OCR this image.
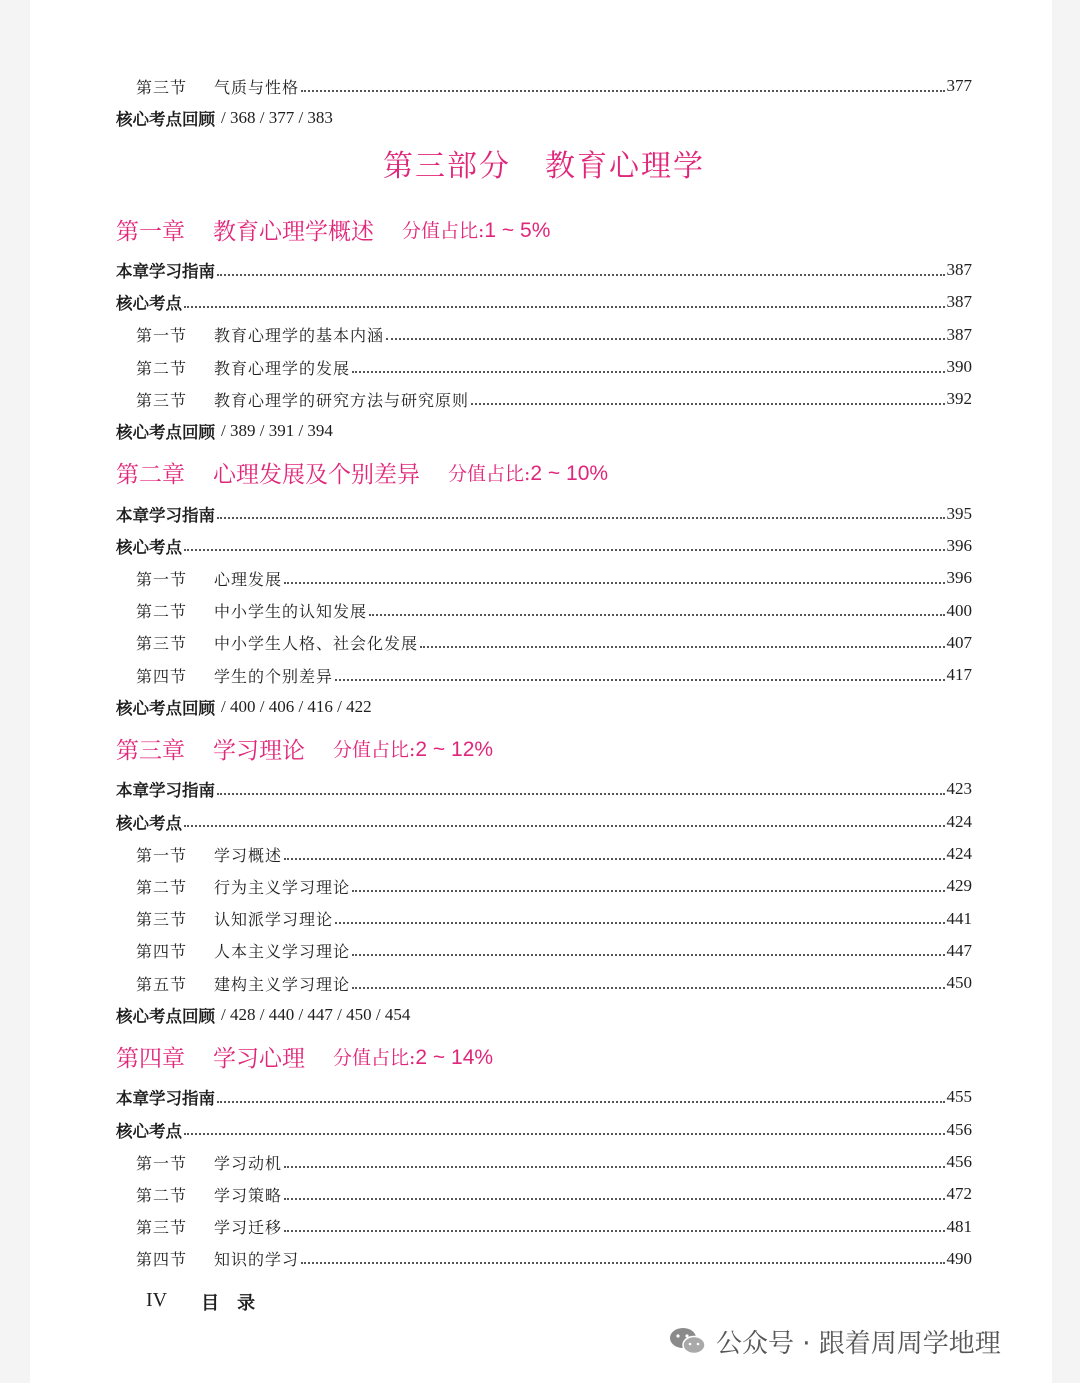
第三节	气质与性格	377
核心考点回顾 / 368 / 377 / 383
第三部分 教育心理学
第一章 教育心理学概述 分值占比:1 ~ 5%
本章学习指南	387
核心考点	387
第一节	教育心理学的基本内涵	387
第二节	教育心理学的发展	390
第三节	教育心理学的研究方法与研究原则	392
核心考点回顾 / 389 / 391 / 394
第二章 心理发展及个别差异 分值占比:2 ~ 10%
本章学习指南	395
核心考点	396
第一节	心理发展	396
第二节	中小学生的认知发展	400
第三节	中小学生人格、社会化发展	407
第四节	学生的个别差异	417
核心考点回顾 / 400 / 406 / 416 / 422
第三章 学习理论 分值占比:2 ~ 12%
本章学习指南	423
核心考点	424
第一节	学习概述	424
第二节	行为主义学习理论	429
第三节	认知派学习理论	441
第四节	人本主义学习理论	447
第五节	建构主义学习理论	450
核心考点回顾 / 428 / 440 / 447 / 450 / 454
第四章 学习心理 分值占比:2 ~ 14%
本章学习指南	455
核心考点	456
第一节	学习动机	456
第二节	学习策略	472
第三节	学习迁移	481
第四节	知识的学习	490
IV 目录
公众号 · 跟着周周学地理
